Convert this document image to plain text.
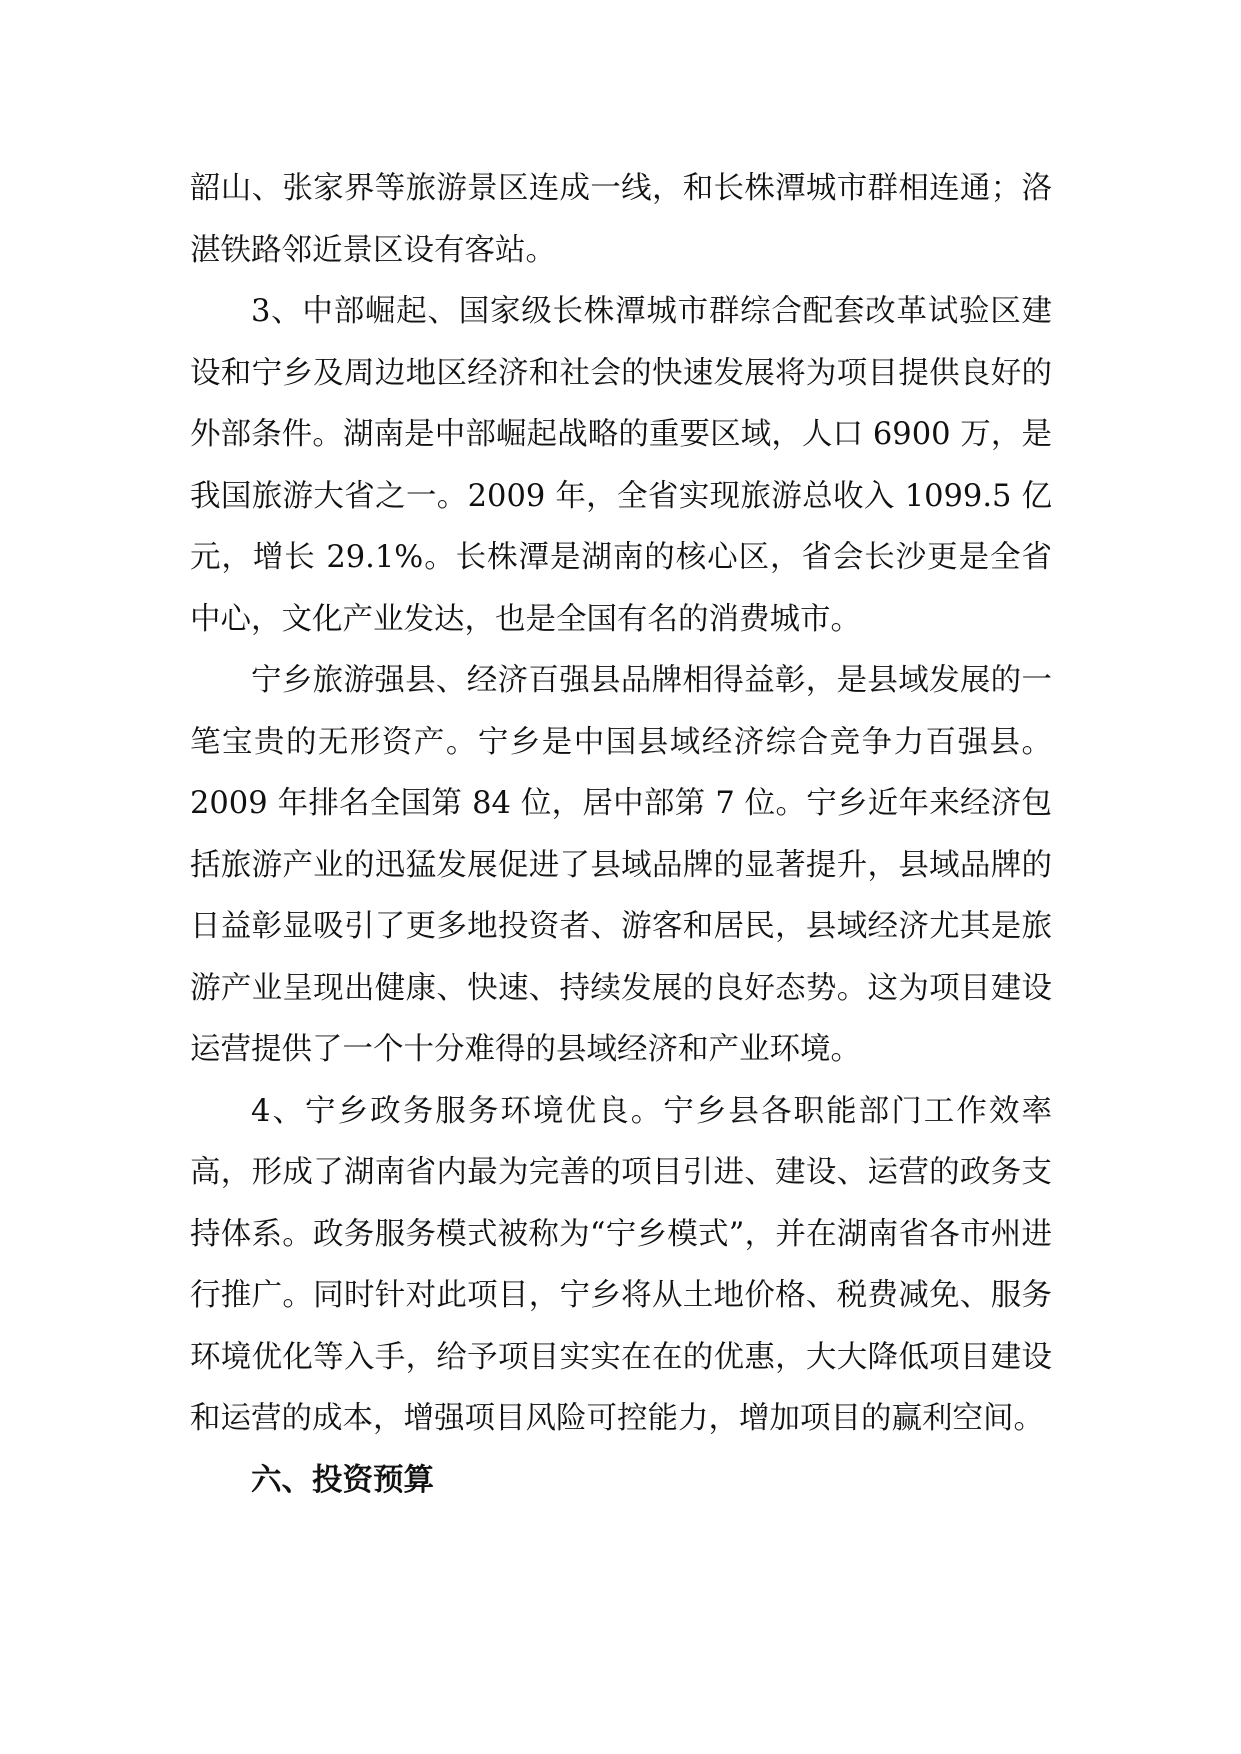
韶山、张家界等旅游景区连成一线，和长株潭城市群相连通；洛湛铁路邻近景区设有客站。

3、中部崛起、国家级长株潭城市群综合配套改革试验区建设和宁乡及周边地区经济和社会的快速发展将为项目提供良好的外部条件。湖南是中部崛起战略的重要区域，人口 6900 万，是我国旅游大省之一。2009 年，全省实现旅游总收入 1099.5 亿元，增长 29.1%。长株潭是湖南的核心区，省会长沙更是全省中心，文化产业发达，也是全国有名的消费城市。

宁乡旅游强县、经济百强县品牌相得益彰，是县域发展的一笔宝贵的无形资产。宁乡是中国县域经济综合竞争力百强县。2009 年排名全国第 84 位，居中部第 7 位。宁乡近年来经济包括旅游产业的迅猛发展促进了县域品牌的显著提升，县域品牌的日益彰显吸引了更多地投资者、游客和居民，县域经济尤其是旅游产业呈现出健康、快速、持续发展的良好态势。这为项目建设运营提供了一个十分难得的县域经济和产业环境。

4、宁乡政务服务环境优良。宁乡县各职能部门工作效率高，形成了湖南省内最为完善的项目引进、建设、运营的政务支持体系。政务服务模式被称为“宁乡模式”，并在湖南省各市州进行推广。同时针对此项目，宁乡将从土地价格、税费减免、服务环境优化等入手，给予项目实实在在的优惠，大大降低项目建设和运营的成本，增强项目风险可控能力，增加项目的赢利空间。

六、投资预算
